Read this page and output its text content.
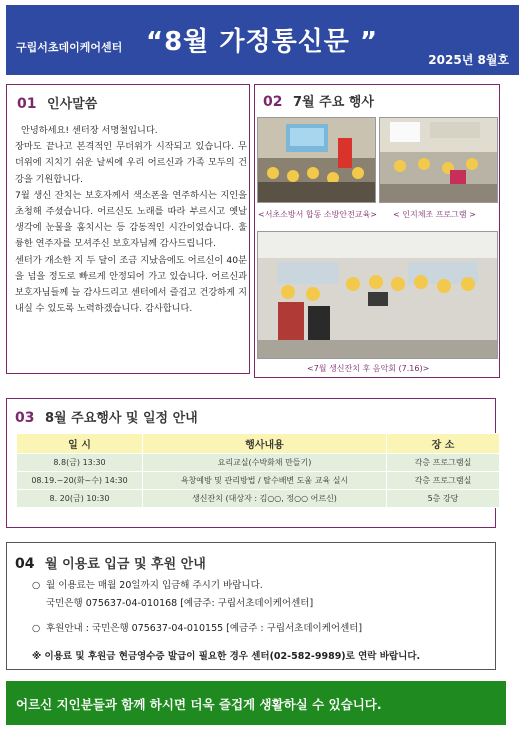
구립서초데이케어센터 “8월 가정통신문 ”
2025년 8월호
01 인사말씀
안녕하세요! 센터장 서명철입니다.
장마도 끝나고 본격적인 무더위가 시작되고 있습니다. 무더위에 지치기 쉬운 날씨에 우리 어르신과 가족 모두의 건강을 기원합니다.
7월 생신 잔치는 보호자께서 색소폰을 연주하시는 지인을 초청해 주셨습니다. 어르신도 노래를 따라 부르시고 옛날 생각에 눈물을 훔치시는 등 감동적인 시간이었습니다. 훌륭한 연주자를 모셔주신 보호자님께 감사드립니다.
센터가 개소한 지 두 달이 조금 지났음에도 어르신이 40분을 넘을 정도로 빠르게 안정되어 가고 있습니다. 어르신과 보호자님들께 늘 감사드리고 센터에서 즐겁고 건강하게 지내실 수 있도록 노력하겠습니다. 감사합니다.
02 7월 주요 행사
<서초소방서 합동 소방안전교육> < 인지체조 프로그램 >
<7월 생신잔치 후 음악회 (7.16)>
03 8월 주요행사 및 일정 안내
일 시	행사내용	장 소
8.8(금) 13:30	요리교실(수박화채 만들기)	각층 프로그램실
08.19.~20(화~수) 14:30	욕창예방 및 관리방법 / 탈수배변 도움 교육 실시	각층 프로그램실
8. 20(금) 10:30	생신잔치 (대상자 : 김○○, 정○○ 어르신)	5층 강당
04 월 이용료 입금 및 후원 안내
○ 월 이용료는 매월 20일까지 입금해 주시기 바랍니다.
국민은행 075637-04-010168 [예금주: 구립서초데이케어센터]
○ 후원안내 : 국민은행 075637-04-010155 [예금주 : 구립서초데이케어센터]
※ 이용료 및 후원금 현금영수증 발급이 필요한 경우 센터(02-582-9989)로 연락 바랍니다.
어르신 지인분들과 함께 하시면 더욱 즐겁게 생활하실 수 있습니다.
